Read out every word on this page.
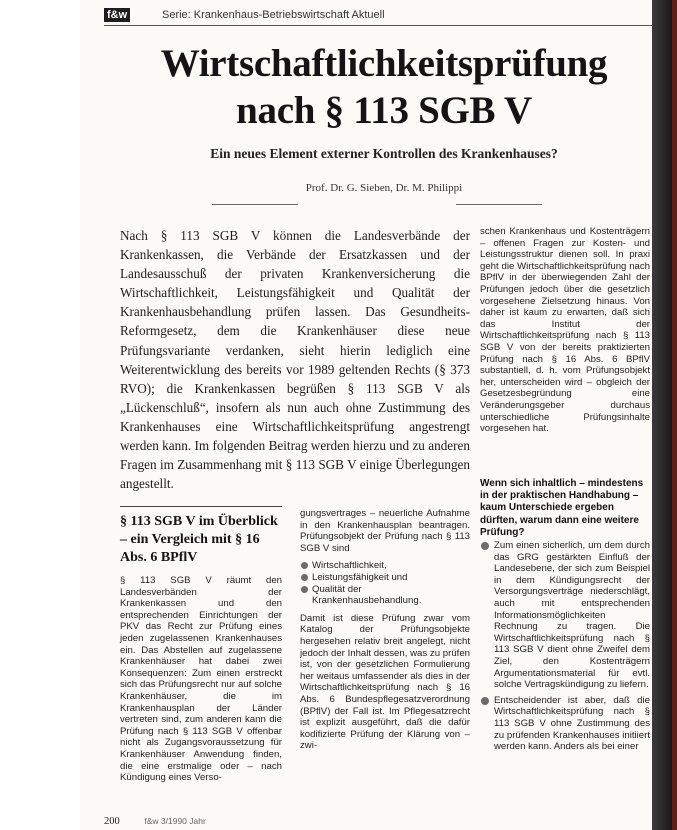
f&w	Serie: Krankenhaus-Betriebswirtschaft Aktuell
Wirtschaftlichkeitsprüfung
nach § 113 SGB V
Ein neues Element externer Kontrollen des Krankenhauses?
Prof. Dr. G. Sieben, Dr. M. Philippi
Nach § 113 SGB V können die Landesverbände der Krankenkassen, die Verbände der Ersatzkassen und der Landesausschuß der privaten Krankenversicherung die Wirtschaftlichkeit, Leistungsfähigkeit und Qualität der Krankenhausbehandlung prüfen lassen. Das Gesundheits-Reformgesetz, dem die Krankenhäuser diese neue Prüfungsvariante verdanken, sieht hierin lediglich eine Weiterentwicklung des bereits vor 1989 geltenden Rechts (§ 373 RVO); die Krankenkassen begrüßen § 113 SGB V als „Lückenschluß“, insofern als nun auch ohne Zustimmung des Krankenhauses eine Wirtschaftlichkeitsprüfung angestrengt werden kann. Im folgenden Beitrag werden hierzu und zu anderen Fragen im Zusammenhang mit § 113 SGB V einige Überlegungen angestellt.
schen Krankenhaus und Kostenträgern – offenen Fragen zur Kosten- und Leistungsstruktur dienen soll. In praxi geht die Wirtschaftlichkeitsprüfung nach BPflV in der überwiegenden Zahl der Prüfungen jedoch über die gesetzlich vorgesehene Zielsetzung hinaus. Von daher ist kaum zu erwarten, daß sich das Institut der Wirtschaftlichkeitsprüfung nach § 113 SGB V von der bereits praktizierten Prüfung nach § 16 Abs. 6 BPflV substantiell, d. h. vom Prüfungsobjekt her, unterscheiden wird – obgleich der Gesetzesbegründung eine Veränderungsgeber durchaus unterschiedliche Prüfungsinhalte vorgesehen hat.
Wenn sich inhaltlich – mindestens in der praktischen Handhabung – kaum Unterschiede ergeben dürften, warum dann eine weitere Prüfung?
Zum einen sicherlich, um dem durch das GRG gestärkten Einfluß der Landesebene, der sich zum Beispiel in dem Kündigungsrecht der Versorgungsverträge niederschlägt, auch mit entsprechenden Informationsmöglichkeiten Rechnung zu tragen. Die Wirtschaftlichkeitsprüfung nach § 113 SGB V dient ohne Zweifel dem Ziel, den Kostenträgern Argumentationsmaterial für evtl. solche Vertragskündigung zu liefern.
Entscheidender ist aber, daß die Wirtschaftlichkeitsprüfung nach § 113 SGB V ohne Zustimmung des zu prüfenden Krankenhauses initiiert werden kann. Anders als bei einer
§ 113 SGB V im Überblick – ein Vergleich mit § 16 Abs. 6 BPflV
§ 113 SGB V räumt den Landesverbänden der Krankenkassen und den entsprechenden Einrichtungen der PKV das Recht zur Prüfung eines jeden zugelassenen Krankenhauses ein. Das Abstellen auf zugelassene Krankenhäuser hat dabei zwei Konsequenzen: Zum einen erstreckt sich das Prüfungsrecht nur auf solche Krankenhäuser, die im Krankenhausplan der Länder vertreten sind, zum anderen kann die Prüfung nach § 113 SGB V offenbar nicht als Zugangsvoraussetzung für Krankenhäuser Anwendung finden, die eine erstmalige oder – nach Kündigung eines Verso-

gungsvertrages – neuerliche Aufnahme in den Krankenhausplan beantragen. Prüfungsobjekt der Prüfung nach § 113 SGB V sind

Wirtschaftlichkeit,
Leistungsfähigkeit und
Qualität der Krankenhausbehandlung.

Damit ist diese Prüfung zwar vom Katalog der Prüfungsobjekte hergesehen relativ breit angelegt, nicht jedoch der Inhalt dessen, was zu prüfen ist, von der gesetzlichen Formulierung her weitaus umfassender als dies in der Wirtschaftlichkeitsprüfung nach § 16 Abs. 6 Bundespflegesatzverordnung (BPflV) der Fall ist. Im Pflegesatzrecht ist explizit ausgeführt, daß die dafür kodifizierte Prüfung der Klärung von – zwi-

200	f&w 3/1990 Jahr
